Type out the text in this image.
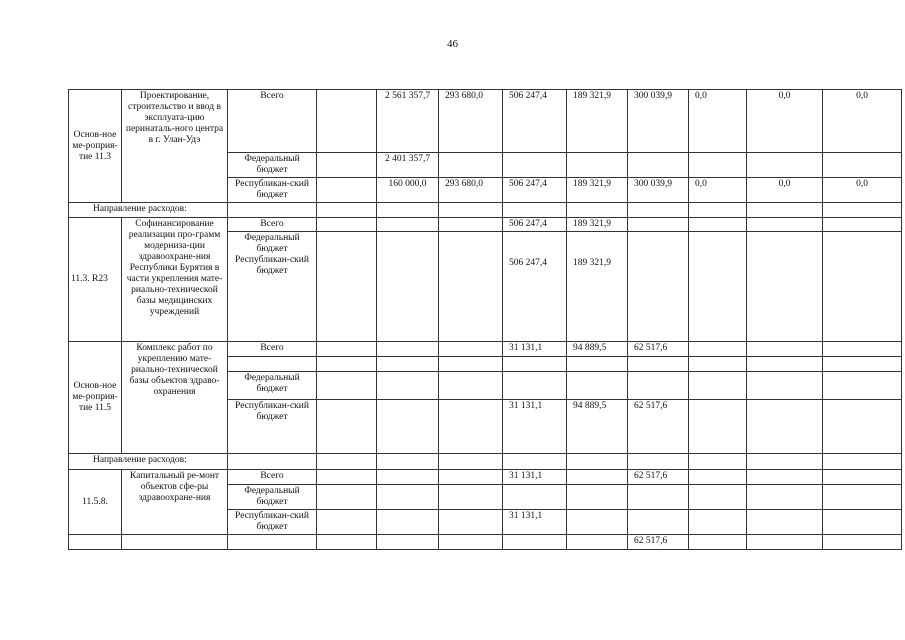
46
Основ-ное ме-роприя-тие 11.3	Проектирование, строительство и ввод в эксплуата-цию перинаталь-ного центра в г. Улан-Удэ	Всего		2 561 357,7	293 680,0	506 247,4	189 321,9	300 039,9	0,0	0,0	0,0
		Федеральный бюджет		2 401 357,7							
		Республикан-ский бюджет		160 000,0	293 680,0	506 247,4	189 321,9	300 039,9	0,0	0,0	0,0
Направление расходов:											
11.3. R23	Софинансирование реализации про-грамм модерниза-ции здравоохране-ния Республики Бурятия в части укрепления мате-риально-технической базы медицинских учреждений	Всего				506 247,4	189 321,9				
		Федеральный бюджет Республикан-ский бюджет				506 247,4	189 321,9				
Основ-ное ме-роприя-тие 11.5	Комплекс работ по укреплению мате-риально-технической базы объектов здраво-охранения	Всего				31 131,1	94 889,5	62 517,6			

		Федеральный бюджет									
		Республикан-ский бюджет				31 131,1	94 889,5	62 517,6			
Направление расходов:											
11.5.8.	Капитальный ре-монт объектов сфе-ры здравоохране-ния	Всего				31 131,1		62 517,6			
		Федеральный бюджет									
		Республикан-ский бюджет				31 131,1					
								62 517,6			
